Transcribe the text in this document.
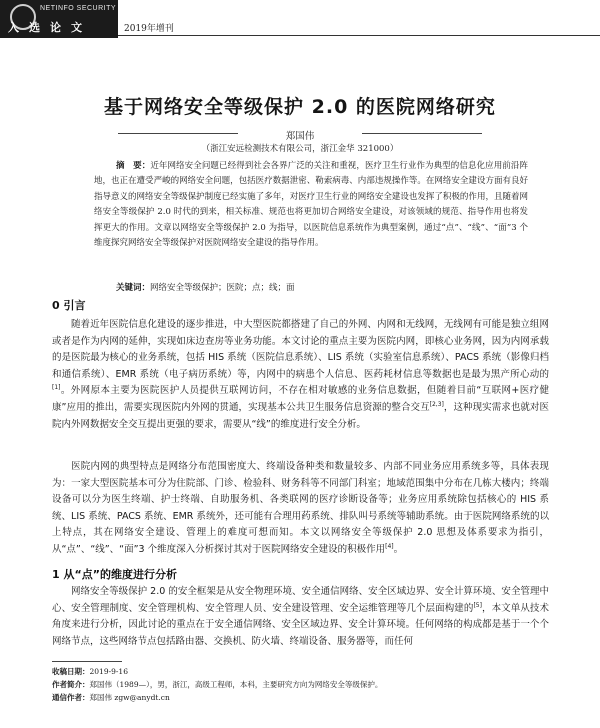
NETINFO SECURITY
入选论文	2019年增刊
基于网络安全等级保护 2.0 的医院网络研究
郑国伟
（浙江安远检测技术有限公司，浙江金华 321000）
摘　要：近年网络安全问题已经得到社会各界广泛的关注和重视，医疗卫生行业作为典型的信息化应用前沿阵地，也正在遭受严峻的网络安全问题，包括医疗数据泄密、勒索病毒、内部违规操作等。在网络安全建设方面有良好指导意义的网络安全等级保护制度已经实施了多年，对医疗卫生行业的网络安全建设也发挥了积极的作用，且随着网络安全等级保护 2.0 时代的到来，相关标准、规范也将更加切合网络安全建设，对该领域的规范、指导作用也将发挥更大的作用。文章以网络安全等级保护 2.0 为指导，以医院信息系统作为典型案例，通过“点”、“线”、“面”3 个维度探究网络安全等级保护对医院网络安全建设的指导作用。
关键词：网络安全等级保护；医院；点；线；面
0 引言

随着近年医院信息化建设的逐步推进，中大型医院都搭建了自己的外网、内网和无线网，无线网有可能是独立组网或者是作为内网的延伸，实现如床边查房等业务功能。本文讨论的重点主要为医院内网，即核心业务网，因为内网承载的是医院最为核心的业务系统，包括 HIS 系统（医院信息系统）、LIS 系统（实验室信息系统）、PACS 系统（影像归档和通信系统）、EMR 系统（电子病历系统）等，内网中的病患个人信息、医药耗材信息等数据也是最为黑产所心动的[1]。外网原本主要为医院医护人员提供互联网访问，不存在相对敏感的业务信息数据，但随着目前“互联网+医疗健康”应用的推出，需要实现医院内外网的贯通，实现基本公共卫生服务信息资源的整合交互[2,3]，这种现实需求也就对医院内外网数据安全交互提出更强的要求，需要从“线”的维度进行安全分析。

医院内网的典型特点是网络分布范围密度大、终端设备种类和数量较多、内部不同业务应用系统多等，具体表现为：一家大型医院基本可分为住院部、门诊、检验科、财务科等不同部门科室；地域范围集中分布在几栋大楼内；终端设备可以分为医生终端、护士终端、自助服务机、各类联网的医疗诊断设备等；业务应用系统除包括核心的 HIS 系统、LIS 系统、PACS 系统、EMR 系统外，还可能有合理用药系统、排队叫号系统等辅助系统。由于医院网络系统的以上特点，其在网络安全建设、管理上的难度可想而知。本文以网络安全等级保护 2.0 思想及体系要求为指引，从“点”、“线”、“面”3 个维度深入分析探讨其对于医院网络安全建设的积极作用[4]。

1 从“点”的维度进行分析

网络安全等级保护 2.0 的安全框架是从安全物理环境、安全通信网络、安全区域边界、安全计算环境、安全管理中心、安全管理制度、安全管理机构、安全管理人员、安全建设管理、安全运维管理等几个层面构建的[5]，本文单从技术角度来进行分析，因此讨论的重点在于安全通信网络、安全区域边界、安全计算环境。任何网络的构成都是基于一个个网络节点，这些网络节点包括路由器、交换机、防火墙、终端设备、服务器等，而任何

收稿日期：2019-9-16
作者简介：郑国伟（1989—），男，浙江，高级工程师，本科，主要研究方向为网络安全等级保护。
通信作者：郑国伟 zgw@anydt.cn
